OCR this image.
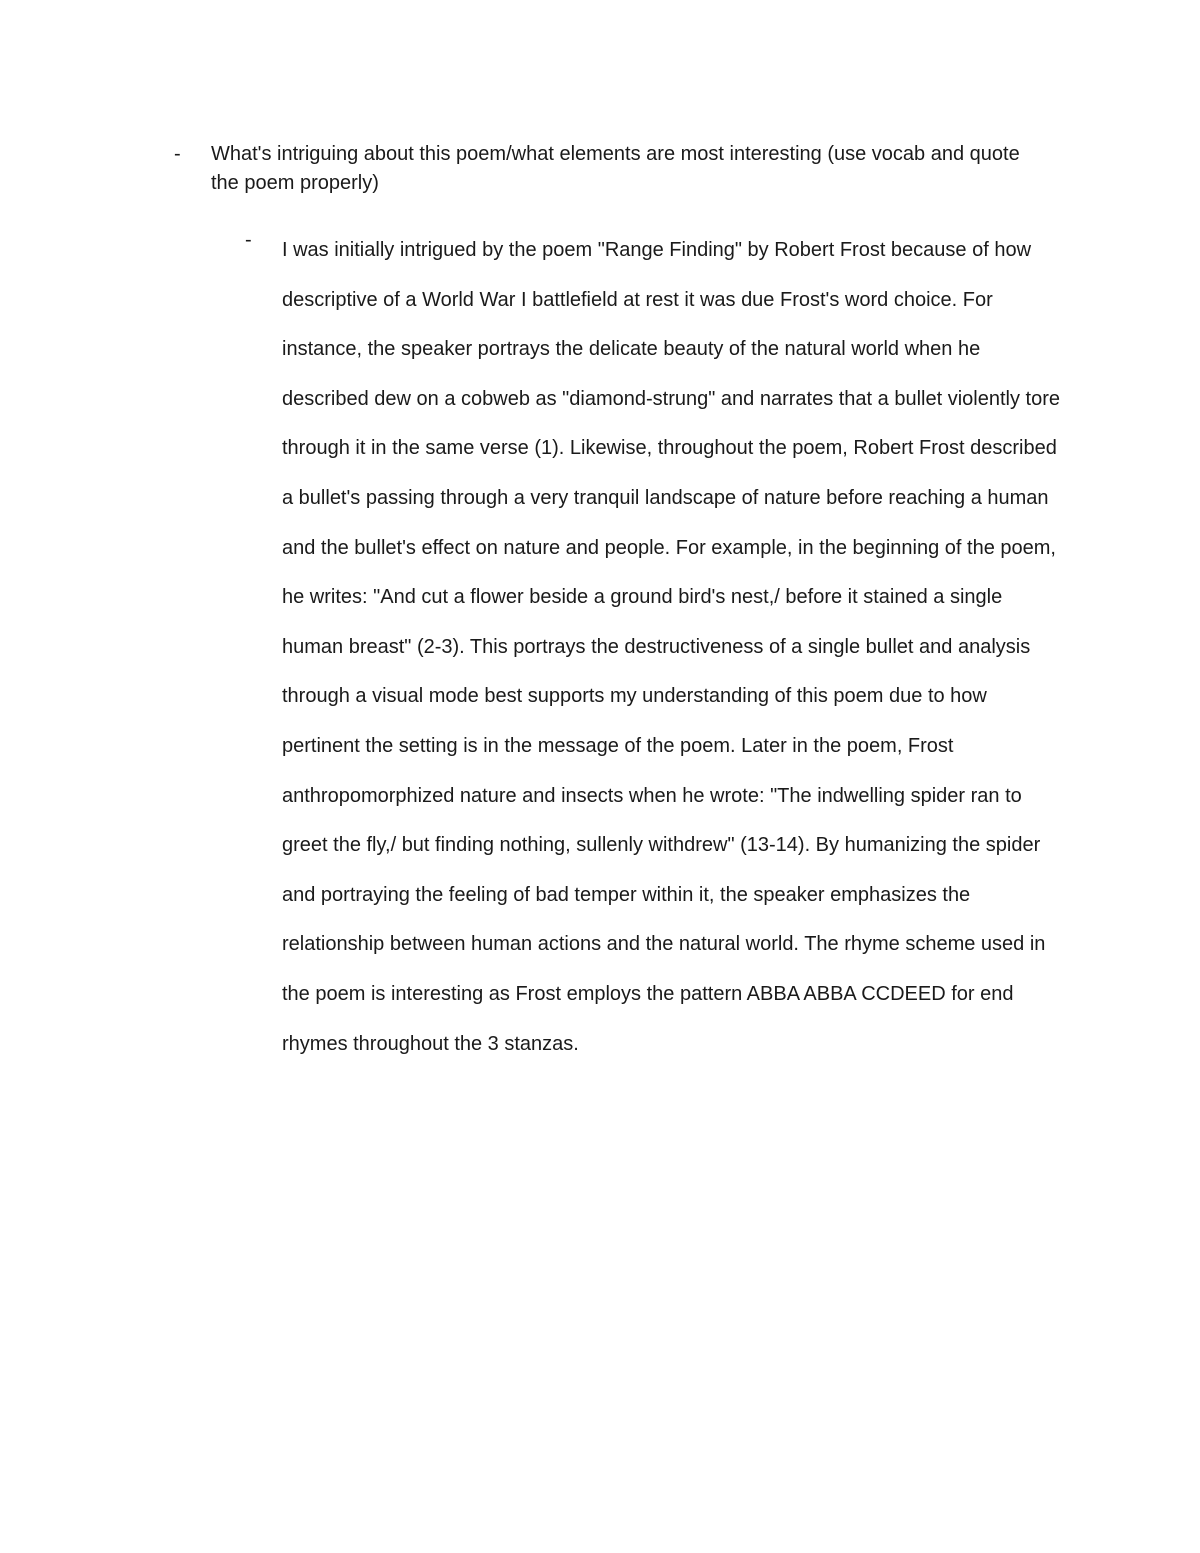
-	What's intriguing about this poem/what elements are most interesting (use vocab and quote the poem properly)
-	I was initially intrigued by the poem "Range Finding" by Robert Frost because of how descriptive of a World War I battlefield at rest it was due Frost's word choice. For instance, the speaker portrays the delicate beauty of the natural world when he described dew on a cobweb as "diamond-strung" and narrates that a bullet violently tore through it in the same verse (1). Likewise, throughout the poem, Robert Frost described a bullet's passing through a very tranquil landscape of nature before reaching a human and the bullet's effect on nature and people. For example, in the beginning of the poem, he writes: "And cut a flower beside a ground bird's nest,/ before it stained a single human breast" (2-3). This portrays the destructiveness of a single bullet and analysis through a visual mode best supports my understanding of this poem due to how pertinent the setting is in the message of the poem. Later in the poem, Frost anthropomorphized nature and insects when he wrote: "The indwelling spider ran to greet the fly,/ but finding nothing, sullenly withdrew" (13-14). By humanizing the spider and portraying the feeling of bad temper within it, the speaker emphasizes the relationship between human actions and the natural world. The rhyme scheme used in the poem is interesting as Frost employs the pattern ABBA ABBA CCDEED for end rhymes throughout the 3 stanzas.
